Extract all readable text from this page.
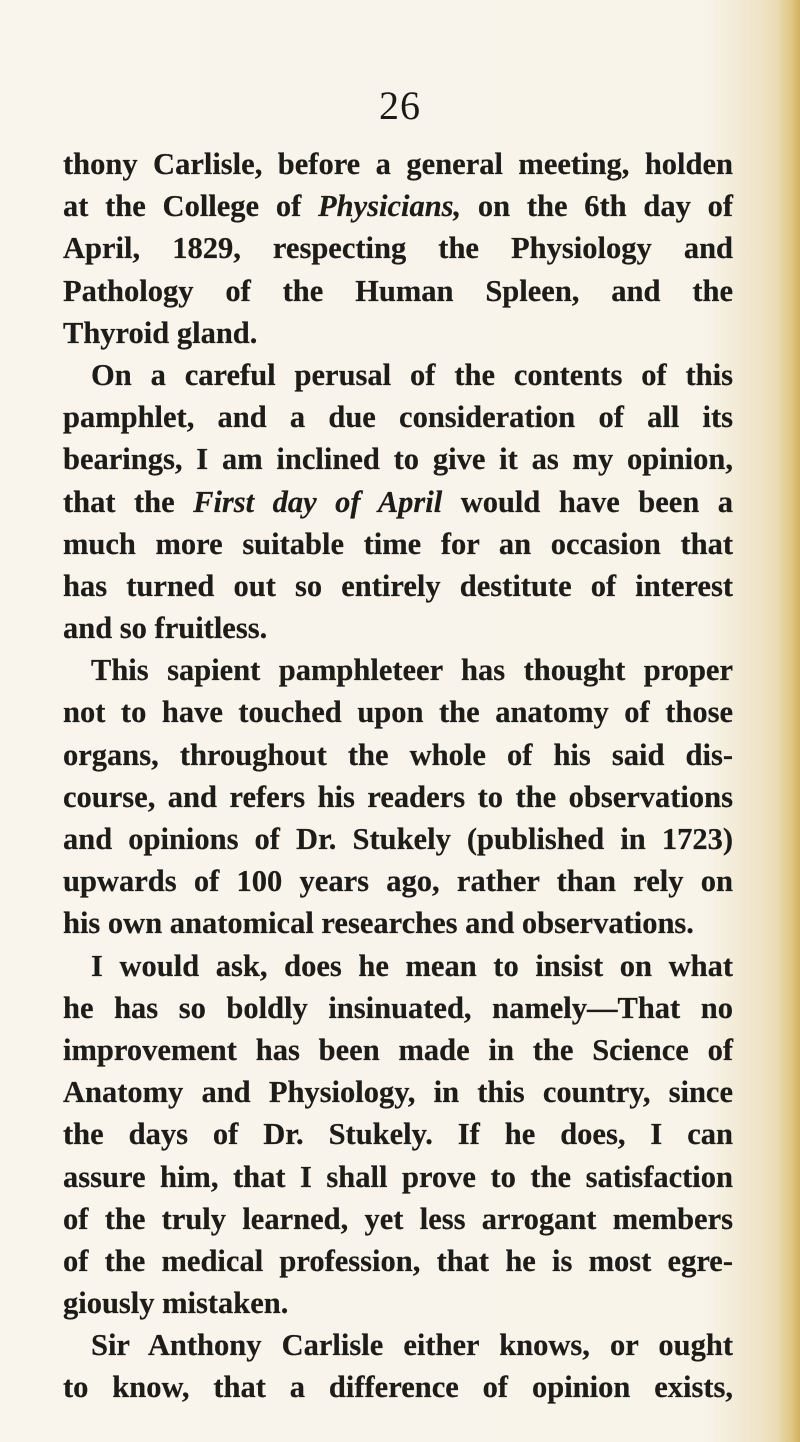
26
thony Carlisle, before a general meeting, holden
at the College of Physicians, on the 6th day of
April, 1829, respecting the Physiology and
Pathology of the Human Spleen, and the
Thyroid gland.
On a careful perusal of the contents of this
pamphlet, and a due consideration of all its
bearings, I am inclined to give it as my opinion,
that the First day of April would have been a
much more suitable time for an occasion that
has turned out so entirely destitute of interest
and so fruitless.
This sapient pamphleteer has thought proper
not to have touched upon the anatomy of those
organs, throughout the whole of his said dis-
course, and refers his readers to the observations
and opinions of Dr. Stukely (published in 1723)
upwards of 100 years ago, rather than rely on
his own anatomical researches and observations.
I would ask, does he mean to insist on what
he has so boldly insinuated, namely—That no
improvement has been made in the Science of
Anatomy and Physiology, in this country, since
the days of Dr. Stukely. If he does, I can
assure him, that I shall prove to the satisfaction
of the truly learned, yet less arrogant members
of the medical profession, that he is most egre-
giously mistaken.
Sir Anthony Carlisle either knows, or ought
to know, that a difference of opinion exists,
